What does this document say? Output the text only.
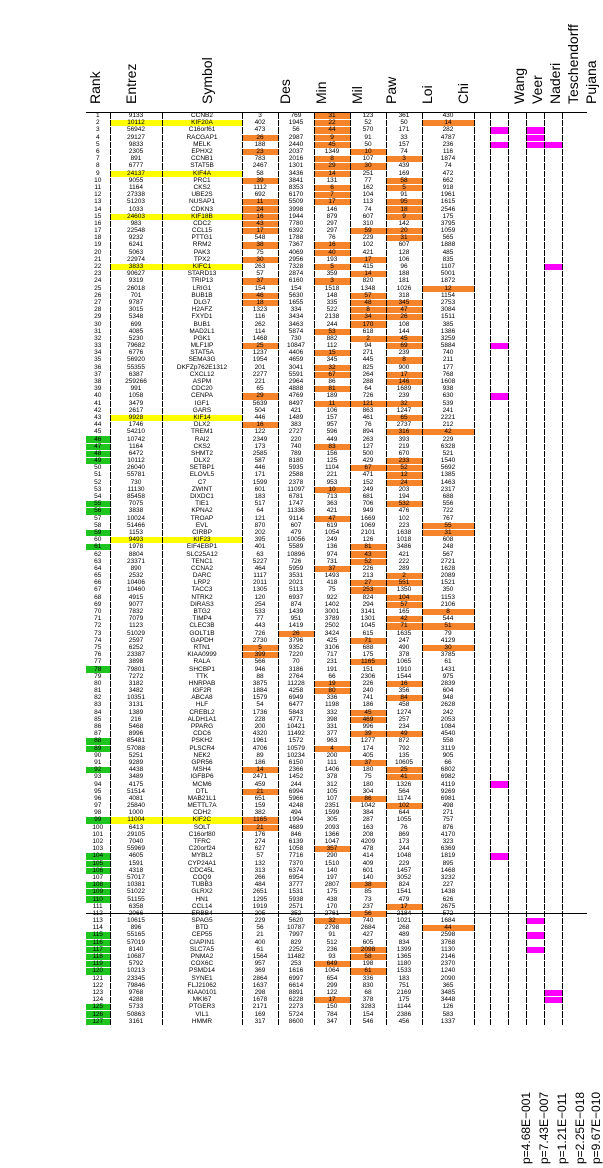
Rank Entrez	Symbol	Des Min Mil Paw Loi Chi	Wang Veer Naderi Teschendorff Pujana
1	9133	CCNB2	3	769	31	123	361	430					
2	10112	KIF20A	402	1945	22	52	50	14					
3	56942	C16orf61	473	56	44	570	171	282					
4	29127	RACGAP1	26	2987	9	91	33	4787					
5	9833	MELK	188	2440	45	50	157	236					
6	2305	EPHX2	23	2037	1349	10	74	116					
7	891	CCNB1	783	2016	8	107	3	1874					
8	6777	STAT5B	2467	1301	29	30	439	74					
9	24137	KIF4A	58	3436	14	251	169	472					
10	9055	PRC1	39	3841	131	77	58	662					
11	1164	CKS2	1112	8353	6	162	5	918					
12	27338	UBE2S	692	6170	7	104	91	1961					
13	51203	NUSAP1	11	5509	17	113	95	1615					
14	1033	CDKN3	24	3998	146	74	18	2546					
15	24603	KIF18B	16	1944	879	607	9	175					
16	983	CDC2	43	7780	297	310	142	3795					
17	22548	CCL15	17	6392	297	59	20	1059					
18	9232	PTTG1	548	1788	76	229	31	565					
19	6241	RRM2	38	7367	16	102	607	1888					
20	5063	PAK3	75	4069	40	421	128	485					
21	22974	TPX2	30	2956	193	17	106	835					
22	3833	KIFC1	263	7328	5	415	96	1107					
23	90627	STARD13	57	2874	359	14	188	5001					
24	9319	TRIP13	37	6160	3	820	181	1872					
25	26018	LRIG1	154	154	1518	1348	1026	12					
26	701	BUB1B	46	5630	148	57	318	1154					
27	9787	DLG7	18	1655	335	48	345	2753					
28	3015	H2AFZ	1323	334	522	8	47	3084					
29	5348	FXYD1	116	3434	2138	34	26	1511					
30	699	BUB1	262	3463	244	170	108	385					
31	4085	MAD2L1	114	5874	53	618	144	1386					
32	5230	PGK1	1468	730	882	2	45	3259					
33	79682	MLF1IP	25	10847	112	94	69	5884					
34	6776	STAT5A	1237	4406	15	271	239	740					
35	56920	SEMA3G	1954	4659	345	445	8	211					
36	55355	DKFZp762E1312	201	3041	32	825	900	177					
37	6387	CXCL12	2277	5591	67	264	17	768					
38	259266	ASPM	221	2964	86	288	146	1608					
39	991	CDC20	65	4888	81	64	1689	938					
40	1058	CENPA	29	4769	189	726	239	630					
41	3479	IGF1	5639	8497	11	121	32	539					
42	2617	GARS	504	421	106	863	1247	241					
43	9928	KIF14	446	1489	157	461	65	2221					
44	1746	DLX2	16	383	957	76	2737	212					
45	54210	TREM1	122	2727	596	894	316	42					
46	10742	RAI2	2349	220	449	263	393	229					
47	1164	CKS2	173	740	83	127	219	6328					
48	6472	SHMT2	2585	789	156	500	670	521					
49	10112	DLX2	587	8180	125	429	233	1540					
50	26040	SETBP1	446	5935	1104	67	52	5692					
51	55781	ELOVL5	171	2588	221	471	12	1385					
52	730	C7	1599	2378	953	152	24	1463					
53	11130	ZWINT	601	11097	10	249	203	2317					
54	85458	DIXDC1	183	6781	713	681	194	688					
55	7075	TIE1	517	1747	363	706	532	556					
56	3838	KPNA2	64	11336	421	949	476	722					
57	10024	TROAP	121	9114	47	1669	102	767					
58	51466	EVL	870	607	619	1069	223	55					
59	1153	CIRBP	202	479	1054	2101	1638	31					
60	9493	KIF23	395	10056	249	126	1018	608					
61	1978	EIF4EBP1	401	5589	136	81	3486	248					
62	8804	SLC25A12	63	10896	974	43	421	567					
63	23371	TENC1	5227	726	731	52	222	2721					
64	890	CCNA2	464	5959	37	226	289	1628					
65	2532	DARC	1117	3531	1493	213	2	2089					
66	10406	LRP2	2011	2021	418	27	551	1521					
67	10460	TACC3	1305	5113	75	253	1350	350					
68	4915	NTRK2	120	6937	922	824	104	1153					
69	9077	DIRAS3	254	874	1402	294	57	2106					
70	7832	BTG2	533	1439	3001	3141	165	8					
71	7079	TIMP4	77	951	3789	1301	42	544					
72	1123	CLEC3B	443	1419	2502	1045	71	51					
73	51029	GOLT1B	726	26	3424	615	1635	79					
74	2597	GAPDH	2730	3796	425	71	247	4129					
75	6252	RTN1	5	9352	3106	688	490	30					
76	23387	KIAA0999	399	7220	717	175	378	3785					
77	3898	RALA	566	70	231	1165	1065	61					
78	79801	SHCBP1	946	3186	191	151	1910	1431					
79	7272	TTK	88	2764	66	2306	1544	975					
80	3182	HNRPAB	3875	11228	19	226	16	2839					
81	3482	IGF2R	1884	4258	80	240	356	604					
82	10351	ABCA8	1579	6949	336	741	84	948					
83	3131	HLF	54	6477	1198	186	458	2628					
84	1389	CREBL2	1736	5843	332	45	1274	242					
85	216	ALDH1A1	228	4771	398	469	257	2053					
86	5468	PPARG	200	10421	331	996	234	1084					
87	8996	CDC6	4320	11492	377	39	49	4540					
88	85481	PSKH2	1961	1572	963	1277	872	558					
89	57088	PLSCR4	4706	10579	4	174	792	3119					
90	5251	NEK2	89	10234	200	405	135	905					
91	9289	GPR56	186	6150	111	37	10605	66					
92	4438	MSH4	14	2366	1406	180	25	6802					
93	3489	IGFBP6	2471	1452	378	75	41	6982					
94	4175	MCM6	459	244	312	180	1326	4119					
95	51514	DTL	21	6994	105	304	564	9269					
96	4081	MAB21L1	651	5966	107	86	1174	6981					
97	25840	METTL7A	159	4248	2351	1042	102	498					
98	1000	CDH2	382	494	1599	384	644	271					
99	11004	KIF2C	1165	1994	305	287	1055	757					
100	6413	SOLT	21	4689	2093	163	76	876					
101	29105	C16orf80	176	846	1366	208	869	4170					
102	7040	TFRC	274	6139	1047	4209	173	323					
103	55969	C20orf24	627	1058	357	478	244	6369					
104	4605	MYBL2	57	7716	290	414	1048	1819					
105	1591	CYP24A1	132	7370	1510	409	229	895					
106	4318	CDC45L	313	6374	140	601	1457	1468					
107	57017	COQ9	266	6954	197	140	3052	3232					
108	10381	TUBB3	484	3777	2807	38	824	227					
109	51022	GLRX2	2651	1531	175	85	1541	1438					
110	51155	HN1	1295	5938	438	73	479	626					
111	6358	CCL14	1919	2571	170	237	17	2675					
112	2066	ERBB4	205	352	2761	56	2184	572					
113	10615	SPAG5	229	5620	32	740	1021	1684					
114	896	BTD	56	10787	2798	2684	268	44					
115	55165	CEP55	21	7997	91	427	489	2598					
116	57019	CIAPIN1	400	829	512	605	834	3768					
117	8140	SLC7A5	61	2252	236	2098	1399	1130					
118	10687	PNMA2	1564	11482	93	58	1365	2146					
119	5792	COX6C	957	253	649	198	1180	2370					
120	10213	PSMD14	369	1616	1064	61	1533	1240					
121	23345	SYNE1	2864	6997	654	336	183	2090					
122	79846	FLJ21062	1637	6614	299	830	751	365					
123	9768	KIAA0101	298	8891	122	68	2169	3485					
124	4288	MKI67	1678	6228	17	378	175	3448					
125	5733	PTGER3	2171	2273	150	3283	1144	126					
126	50863	VIL1	169	5724	784	154	2386	583					
127	3161	HMMR	317	8600	347	546	456	1337					
p=4.68E−001 p=7.43E−007 p=1.21E−011 p=2.25E−018 p=9.67E−010
